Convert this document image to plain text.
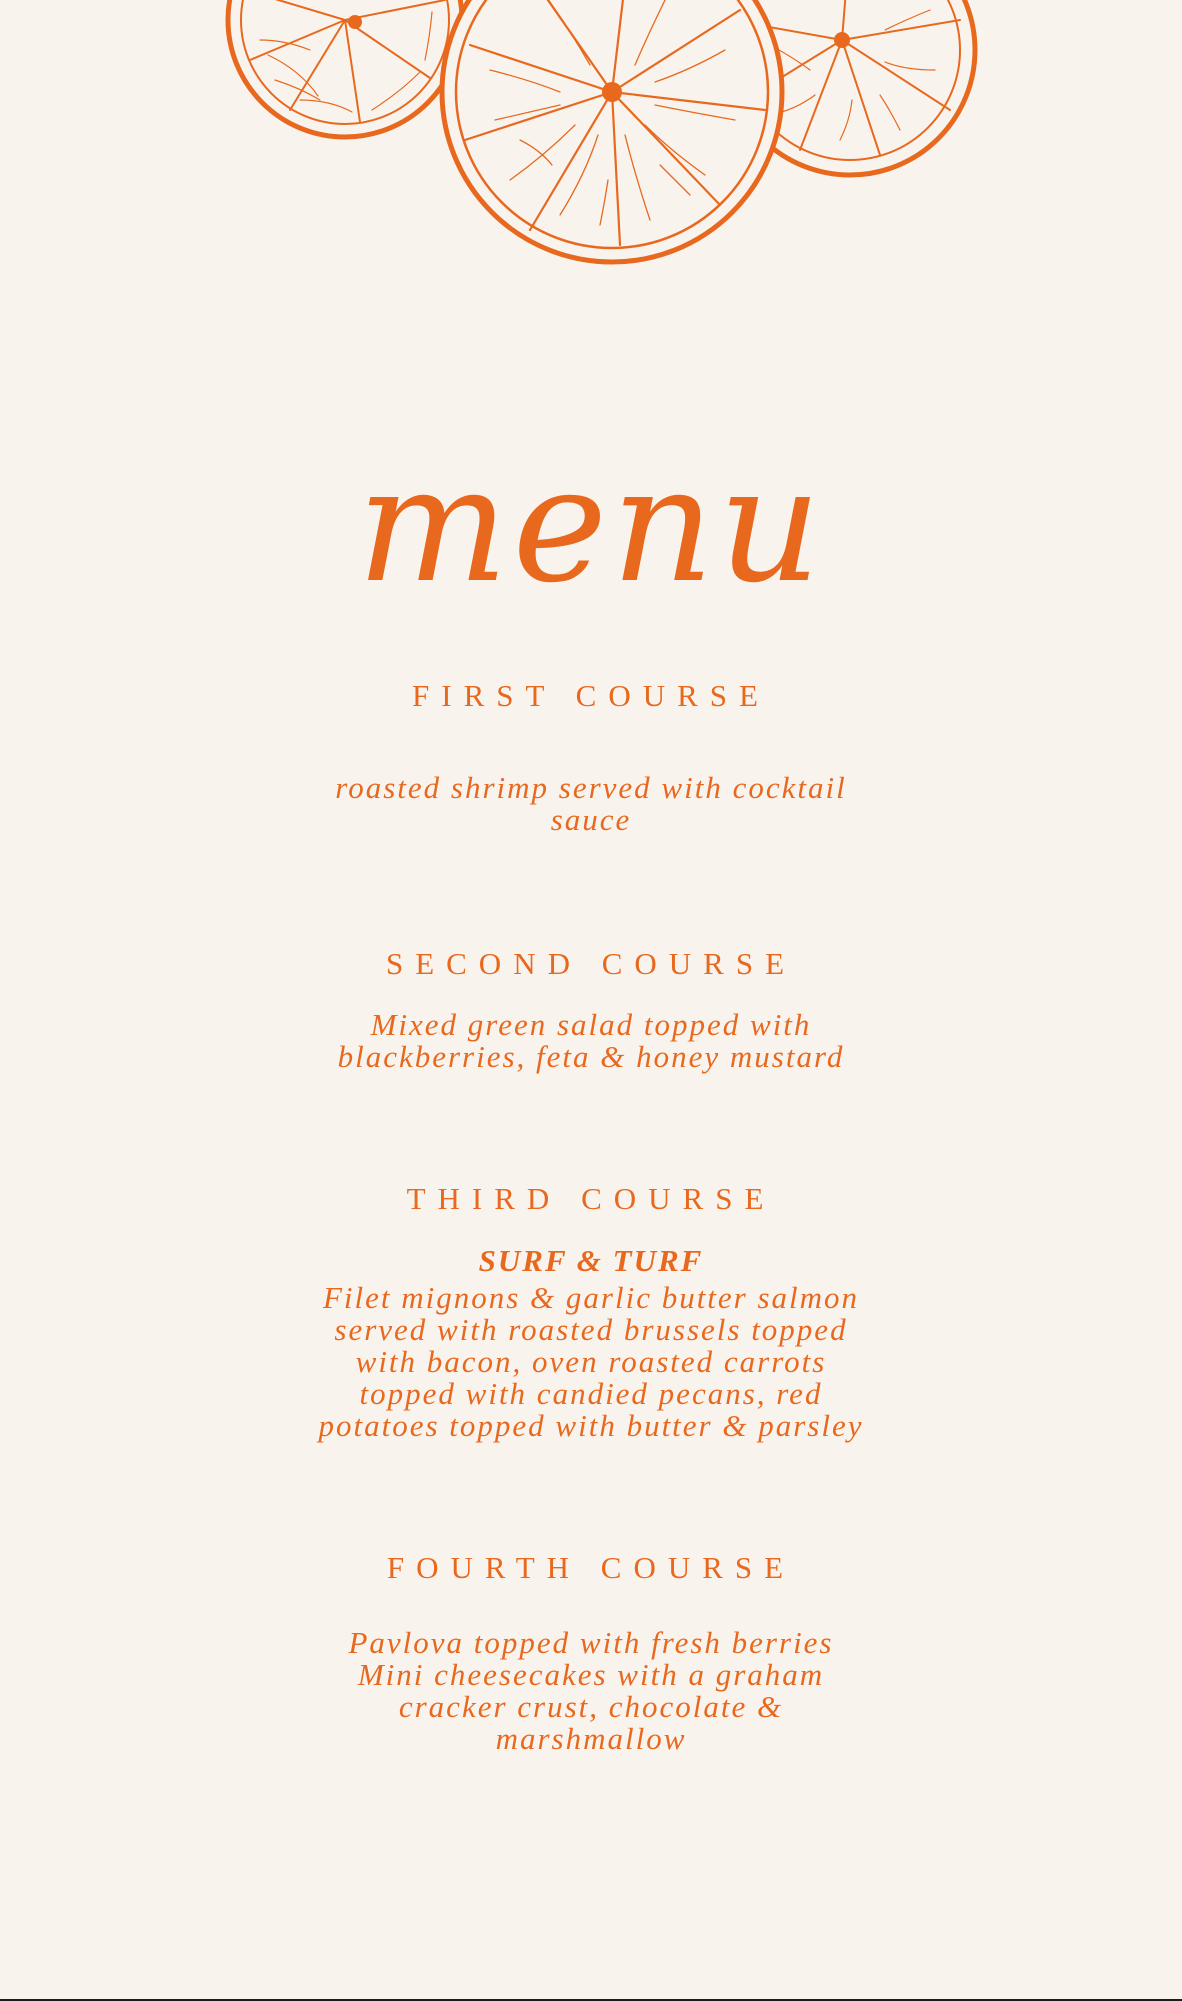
menu
FIRST COURSE
roasted shrimp served with cocktail
sauce
SECOND COURSE
Mixed green salad topped with
blackberries, feta & honey mustard
THIRD COURSE
SURF & TURF
Filet mignons & garlic butter salmon
served with roasted brussels topped
with bacon, oven roasted carrots
topped with candied pecans, red
potatoes topped with butter & parsley
FOURTH COURSE
Pavlova topped with fresh berries
Mini cheesecakes with a graham
cracker crust, chocolate &
marshmallow
